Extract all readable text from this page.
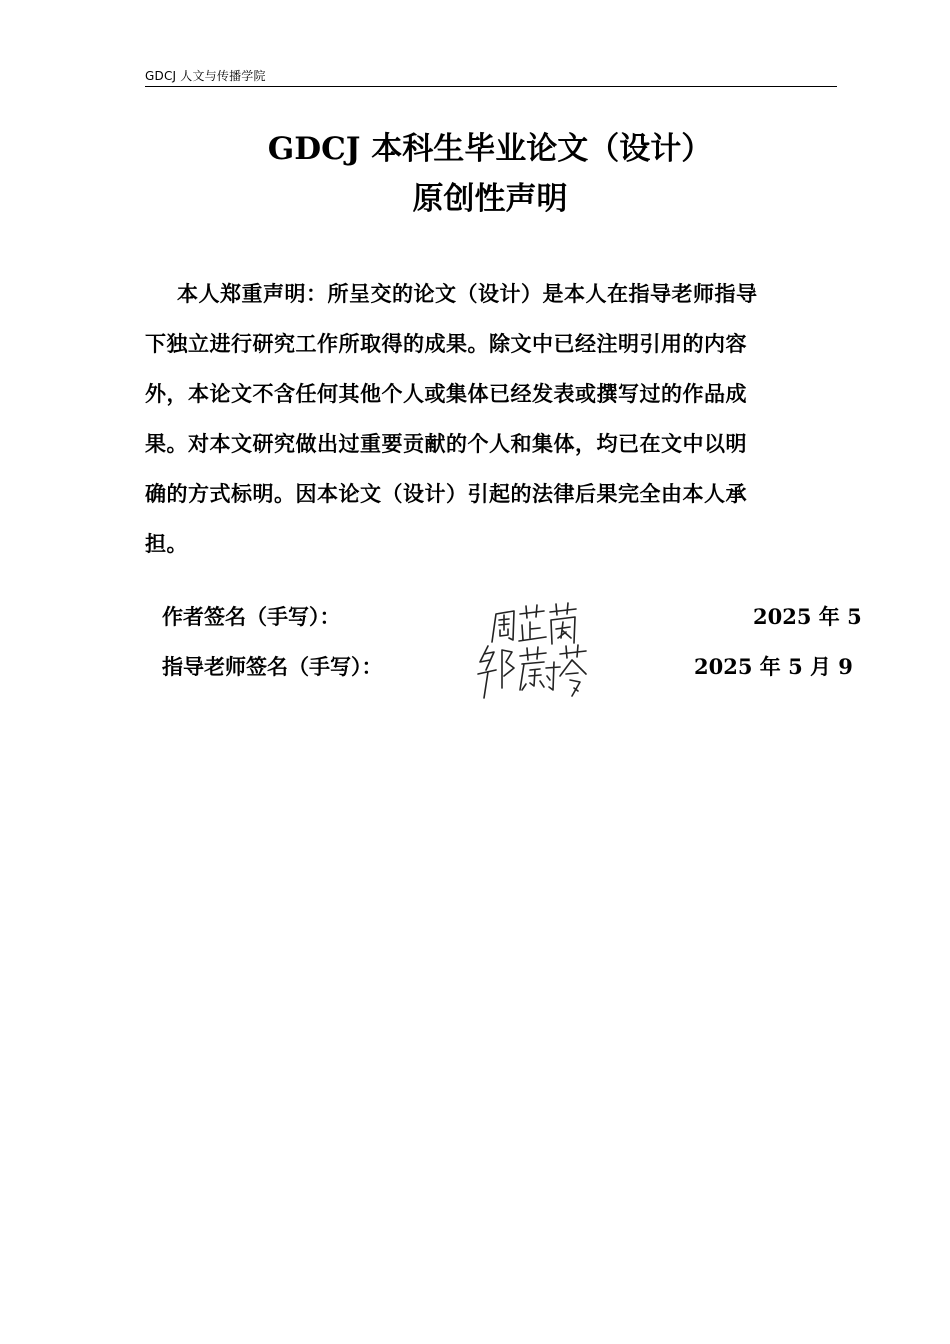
GDCJ 人文与传播学院
GDCJ 本科生毕业论文（设计）
原创性声明
本人郑重声明：所呈交的论文（设计）是本人在指导老师指导
下独立进行研究工作所取得的成果。除文中已经注明引用的内容
外，本论文不含任何其他个人或集体已经发表或撰写过的作品成
果。对本文研究做出过重要贡献的个人和集体，均已在文中以明
确的方式标明。因本论文（设计）引起的法律后果完全由本人承
担。
作者签名（手写）：	2025 年 5
指导老师签名（手写）：	2025 年 5 月 9
